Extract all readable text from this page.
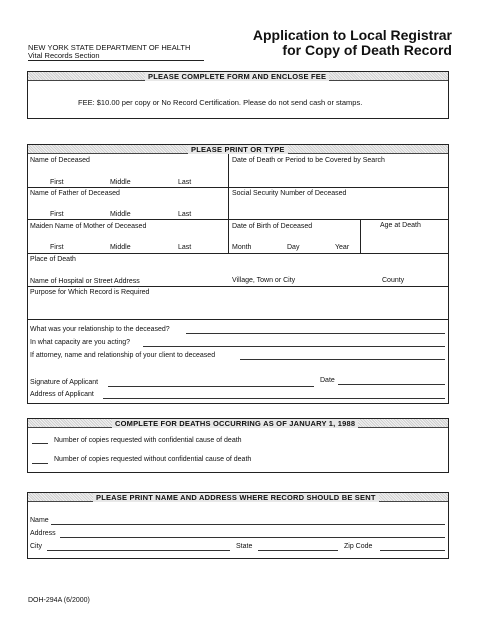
NEW YORK STATE DEPARTMENT OF HEALTH
Vital Records Section
Application to Local Registrar
for Copy of Death Record
PLEASE COMPLETE FORM AND ENCLOSE FEE
FEE: $10.00 per copy or No Record Certification. Please do not send cash or stamps.
PLEASE PRINT OR TYPE
Name of Deceased	Date of Death or Period to be Covered by Search
First	Middle	Last
Name of Father of Deceased	Social Security Number of Deceased
First	Middle	Last
Maiden Name of Mother of Deceased	Date of Birth of Deceased	Age at Death
First	Middle	Last	Month	Day	Year
Place of Death
Name of Hospital or Street Address	Village, Town or City	County
Purpose for Which Record is Required
What was your relationship to the deceased?
In what capacity are you acting?
If attorney, name and relationship of your client to deceased
Signature of Applicant	Date
Address of Applicant
COMPLETE FOR DEATHS OCCURRING AS OF JANUARY 1, 1988
Number of copies requested with confidential cause of death
Number of copies requested without confidential cause of death
PLEASE PRINT NAME AND ADDRESS WHERE RECORD SHOULD BE SENT
Name
Address
City	State	Zip Code
DOH-294A (6/2000)
